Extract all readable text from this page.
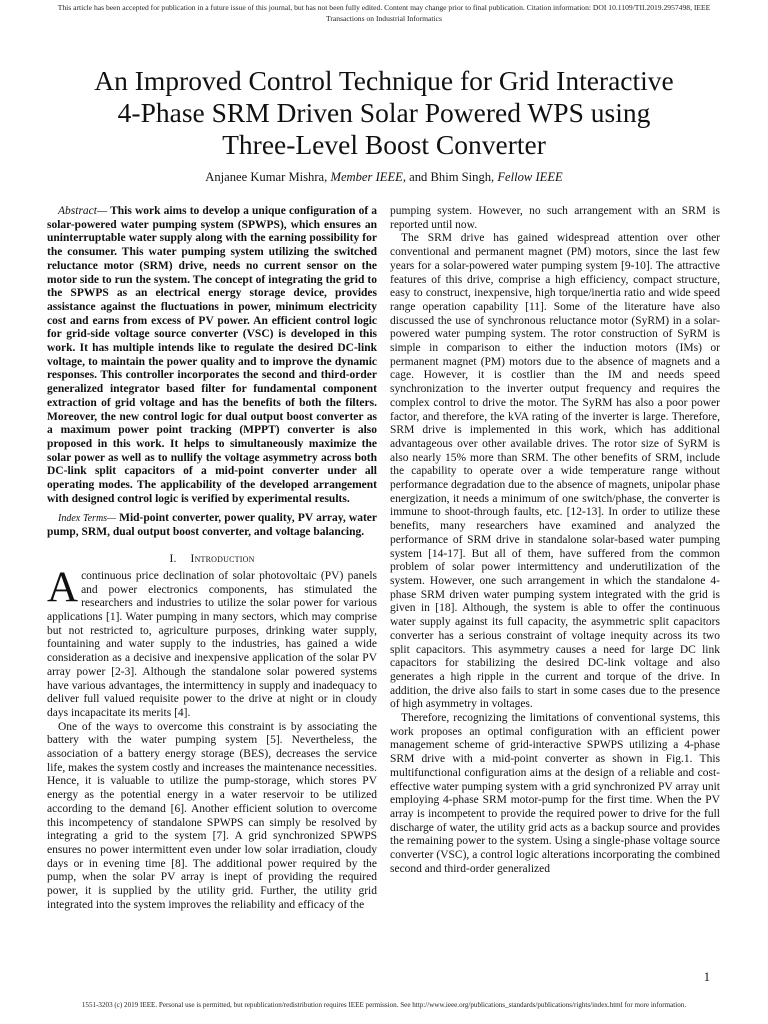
This article has been accepted for publication in a future issue of this journal, but has not been fully edited. Content may change prior to final publication. Citation information: DOI 10.1109/TII.2019.2957498, IEEE
Transactions on Industrial Informatics
An Improved Control Technique for Grid Interactive
4-Phase SRM Driven Solar Powered WPS using
Three-Level Boost Converter
Anjanee Kumar Mishra, Member IEEE, and Bhim Singh, Fellow IEEE

Abstract— This work aims to develop a unique configuration of a solar-powered water pumping system (SPWPS), which ensures an uninterruptable water supply along with the earning possibility for the consumer. This water pumping system utilizing the switched reluctance motor (SRM) drive, needs no current sensor on the motor side to run the system. The concept of integrating the grid to the SPWPS as an electrical energy storage device, provides assistance against the fluctuations in power, minimum electricity cost and earns from excess of PV power. An efficient control logic for grid-side voltage source converter (VSC) is developed in this work. It has multiple intends like to regulate the desired DC-link voltage, to maintain the power quality and to improve the dynamic responses. This controller incorporates the second and third-order generalized integrator based filter for fundamental component extraction of grid voltage and has the benefits of both the filters. Moreover, the new control logic for dual output boost converter as a maximum power point tracking (MPPT) converter is also proposed in this work. It helps to simultaneously maximize the solar power as well as to nullify the voltage asymmetry across both DC-link split capacitors of a mid-point converter under all operating modes. The applicability of the developed arrangement with designed control logic is verified by experimental results.

Index Terms— Mid-point converter, power quality, PV array, water pump, SRM, dual output boost converter, and voltage balancing.

I. Introduction

Acontinuous price declination of solar photovoltaic (PV) panels and power electronics components, has stimulated the researchers and industries to utilize the solar power for various applications [1]. Water pumping in many sectors, which may comprise but not restricted to, agriculture purposes, drinking water supply, fountaining and water supply to the industries, has gained a wide consideration as a decisive and inexpensive application of the solar PV array power [2-3]. Although the standalone solar powered systems have various advantages, the intermittency in supply and inadequacy to deliver full valued requisite power to the drive at night or in cloudy days incapacitate its merits [4].

One of the ways to overcome this constraint is by associating the battery with the water pumping system [5]. Nevertheless, the association of a battery energy storage (BES), decreases the service life, makes the system costly and increases the maintenance necessities. Hence, it is valuable to utilize the pump-storage, which stores PV energy as the potential energy in a water reservoir to be utilized according to the demand [6]. Another efficient solution to overcome this incompetency of standalone SPWPS can simply be resolved by integrating a grid to the system [7]. A grid synchronized SPWPS ensures no power intermittent even under low solar irradiation, cloudy days or in evening time [8]. The additional power required by the pump, when the solar PV array is inept of providing the required power, it is supplied by the utility grid. Further, the utility grid integrated into the system improves the reliability and efficacy of the

pumping system. However, no such arrangement with an SRM is reported until now.

The SRM drive has gained widespread attention over other conventional and permanent magnet (PM) motors, since the last few years for a solar-powered water pumping system [9-10]. The attractive features of this drive, comprise a high efficiency, compact structure, easy to construct, inexpensive, high torque/inertia ratio and wide speed range operation capability [11]. Some of the literature have also discussed the use of synchronous reluctance motor (SyRM) in a solar-powered water pumping system. The rotor construction of SyRM is simple in comparison to either the induction motors (IMs) or permanent magnet (PM) motors due to the absence of magnets and a cage. However, it is costlier than the IM and needs speed synchronization to the inverter output frequency and requires the complex control to drive the motor. The SyRM has also a poor power factor, and therefore, the kVA rating of the inverter is large. Therefore, SRM drive is implemented in this work, which has additional advantageous over other available drives. The rotor size of SyRM is also nearly 15% more than SRM. The other benefits of SRM, include the capability to operate over a wide temperature range without performance degradation due to the absence of magnets, unipolar phase energization, it needs a minimum of one switch/phase, the converter is immune to shoot-through faults, etc. [12-13]. In order to utilize these benefits, many researchers have examined and analyzed the performance of SRM drive in standalone solar-based water pumping system [14-17]. But all of them, have suffered from the common problem of solar power intermittency and underutilization of the system. However, one such arrangement in which the standalone 4-phase SRM driven water pumping system integrated with the grid is given in [18]. Although, the system is able to offer the continuous water supply against its full capacity, the asymmetric split capacitors converter has a serious constraint of voltage inequity across its two split capacitors. This asymmetry causes a need for large DC link capacitors for stabilizing the desired DC-link voltage and also generates a high ripple in the current and torque of the drive. In addition, the drive also fails to start in some cases due to the presence of high asymmetry in voltages.

Therefore, recognizing the limitations of conventional systems, this work proposes an optimal configuration with an efficient power management scheme of grid-interactive SPWPS utilizing a 4-phase SRM drive with a mid-point converter as shown in Fig.1. This multifunctional configuration aims at the design of a reliable and cost-effective water pumping system with a grid synchronized PV array unit employing 4-phase SRM motor-pump for the first time. When the PV array is incompetent to provide the required power to drive for the full discharge of water, the utility grid acts as a backup source and provides the remaining power to the system. Using a single-phase voltage source converter (VSC), a control logic alterations incorporating the combined second and third-order generalized

1
1551-3203 (c) 2019 IEEE. Personal use is permitted, but republication/redistribution requires IEEE permission. See http://www.ieee.org/publications_standards/publications/rights/index.html for more information.
